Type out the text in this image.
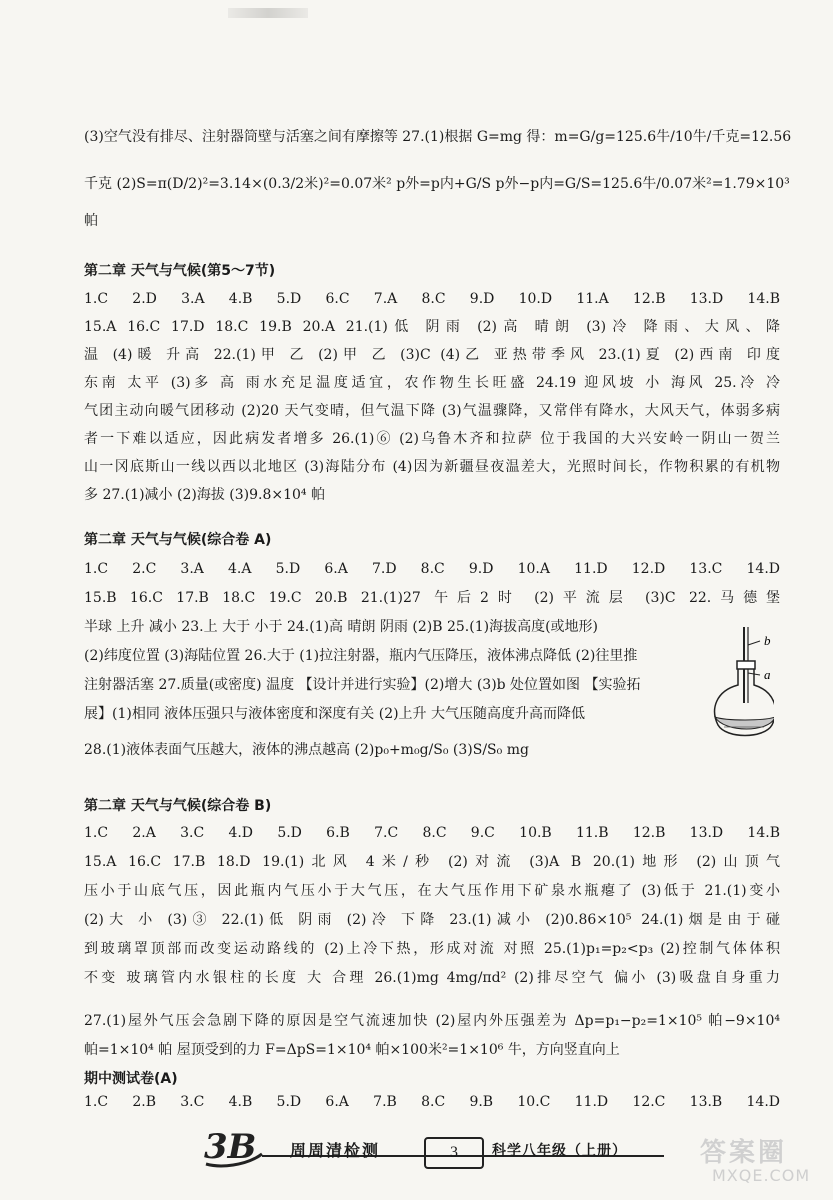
(3)空气没有排尽、注射器筒壁与活塞之间有摩擦等 27.(1)根据 G=mg 得：m=G/g=125.6牛/10牛/千克=12.56
千克 (2)S=π(D/2)²=3.14×(0.3/2米)²=0.07米² p外=p内+G/S p外−p内=G/S=125.6牛/0.07米²=1.79×10³
帕
第二章 天气与气候(第5～7节)
1.C 2.D 3.A 4.B 5.D 6.C 7.A 8.C 9.D 10.D 11.A 12.B 13.D 14.B
15.A 16.C 17.D 18.C 19.B 20.A 21.(1)低 阴雨 (2)高 晴朗 (3)冷 降雨、大风、降
温 (4)暖 升高 22.(1)甲 乙 (2)甲 乙 (3)C (4)乙 亚热带季风 23.(1)夏 (2)西南 印度
东南 太平 (3)多 高 雨水充足温度适宜，农作物生长旺盛 24.19 迎风坡 小 海风 25.冷 冷
气团主动向暖气团移动 (2)20 天气变晴，但气温下降 (3)气温骤降，又常伴有降水，大风天气，体弱多病
者一下难以适应，因此病发者增多 26.(1)⑥ (2)乌鲁木齐和拉萨 位于我国的大兴安岭一阴山一贺兰
山一冈底斯山一线以西以北地区 (3)海陆分布 (4)因为新疆昼夜温差大，光照时间长，作物积累的有机物
多 27.(1)减小 (2)海拔 (3)9.8×10⁴ 帕
第二章 天气与气候(综合卷 A)
1.C 2.C 3.A 4.A 5.D 6.A 7.D 8.C 9.D 10.A 11.D 12.D 13.C 14.D
15.B 16.C 17.B 18.C 19.C 20.B 21.(1)27 午后2时 (2)平流层 (3)C 22.马德堡
半球 上升 减小 23.上 大于 小于 24.(1)高 晴朗 阴雨 (2)B 25.(1)海拔高度(或地形)
(2)纬度位置 (3)海陆位置 26.大于 (1)拉注射器，瓶内气压降压，液体沸点降低 (2)往里推
注射器活塞 27.质量(或密度) 温度 【设计并进行实验】(2)增大 (3)b 处位置如图 【实验拓
展】(1)相同 液体压强只与液体密度和深度有关 (2)上升 大气压随高度升高而降低
28.(1)液体表面气压越大，液体的沸点越高 (2)p₀+m₀g/S₀ (3)S/S₀ mg
b
a
第二章 天气与气候(综合卷 B)
1.C 2.A 3.C 4.D 5.D 6.B 7.C 8.C 9.C 10.B 11.B 12.B 13.D 14.B
15.A 16.C 17.B 18.D 19.(1)北风 4米/秒 (2)对流 (3)A B 20.(1)地形 (2)山顶气
压小于山底气压，因此瓶内气压小于大气压，在大气压作用下矿泉水瓶瘪了 (3)低于 21.(1)变小
(2)大 小 (3)③ 22.(1)低 阴雨 (2)冷 下降 23.(1)减小 (2)0.86×10⁵ 24.(1)烟是由于碰
到玻璃罩顶部而改变运动路线的 (2)上冷下热，形成对流 对照 25.(1)p₁=p₂<p₃ (2)控制气体体积
不变 玻璃管内水银柱的长度 大 合理 26.(1)mg 4mg/πd² (2)排尽空气 偏小 (3)吸盘自身重力
27.(1)屋外气压会急剧下降的原因是空气流速加快 (2)屋内外压强差为 Δp=p₁−p₂=1×10⁵ 帕−9×10⁴
帕=1×10⁴ 帕 屋顶受到的力 F=ΔpS=1×10⁴ 帕×100米²=1×10⁶ 牛，方向竖直向上
期中测试卷(A)
1.C 2.B 3.C 4.B 5.D 6.A 7.B 8.C 9.B 10.C 11.D 12.C 13.B 14.D
3B 周周清检测	3	科学八年级（上册）	答案圈
MXQE.COM
